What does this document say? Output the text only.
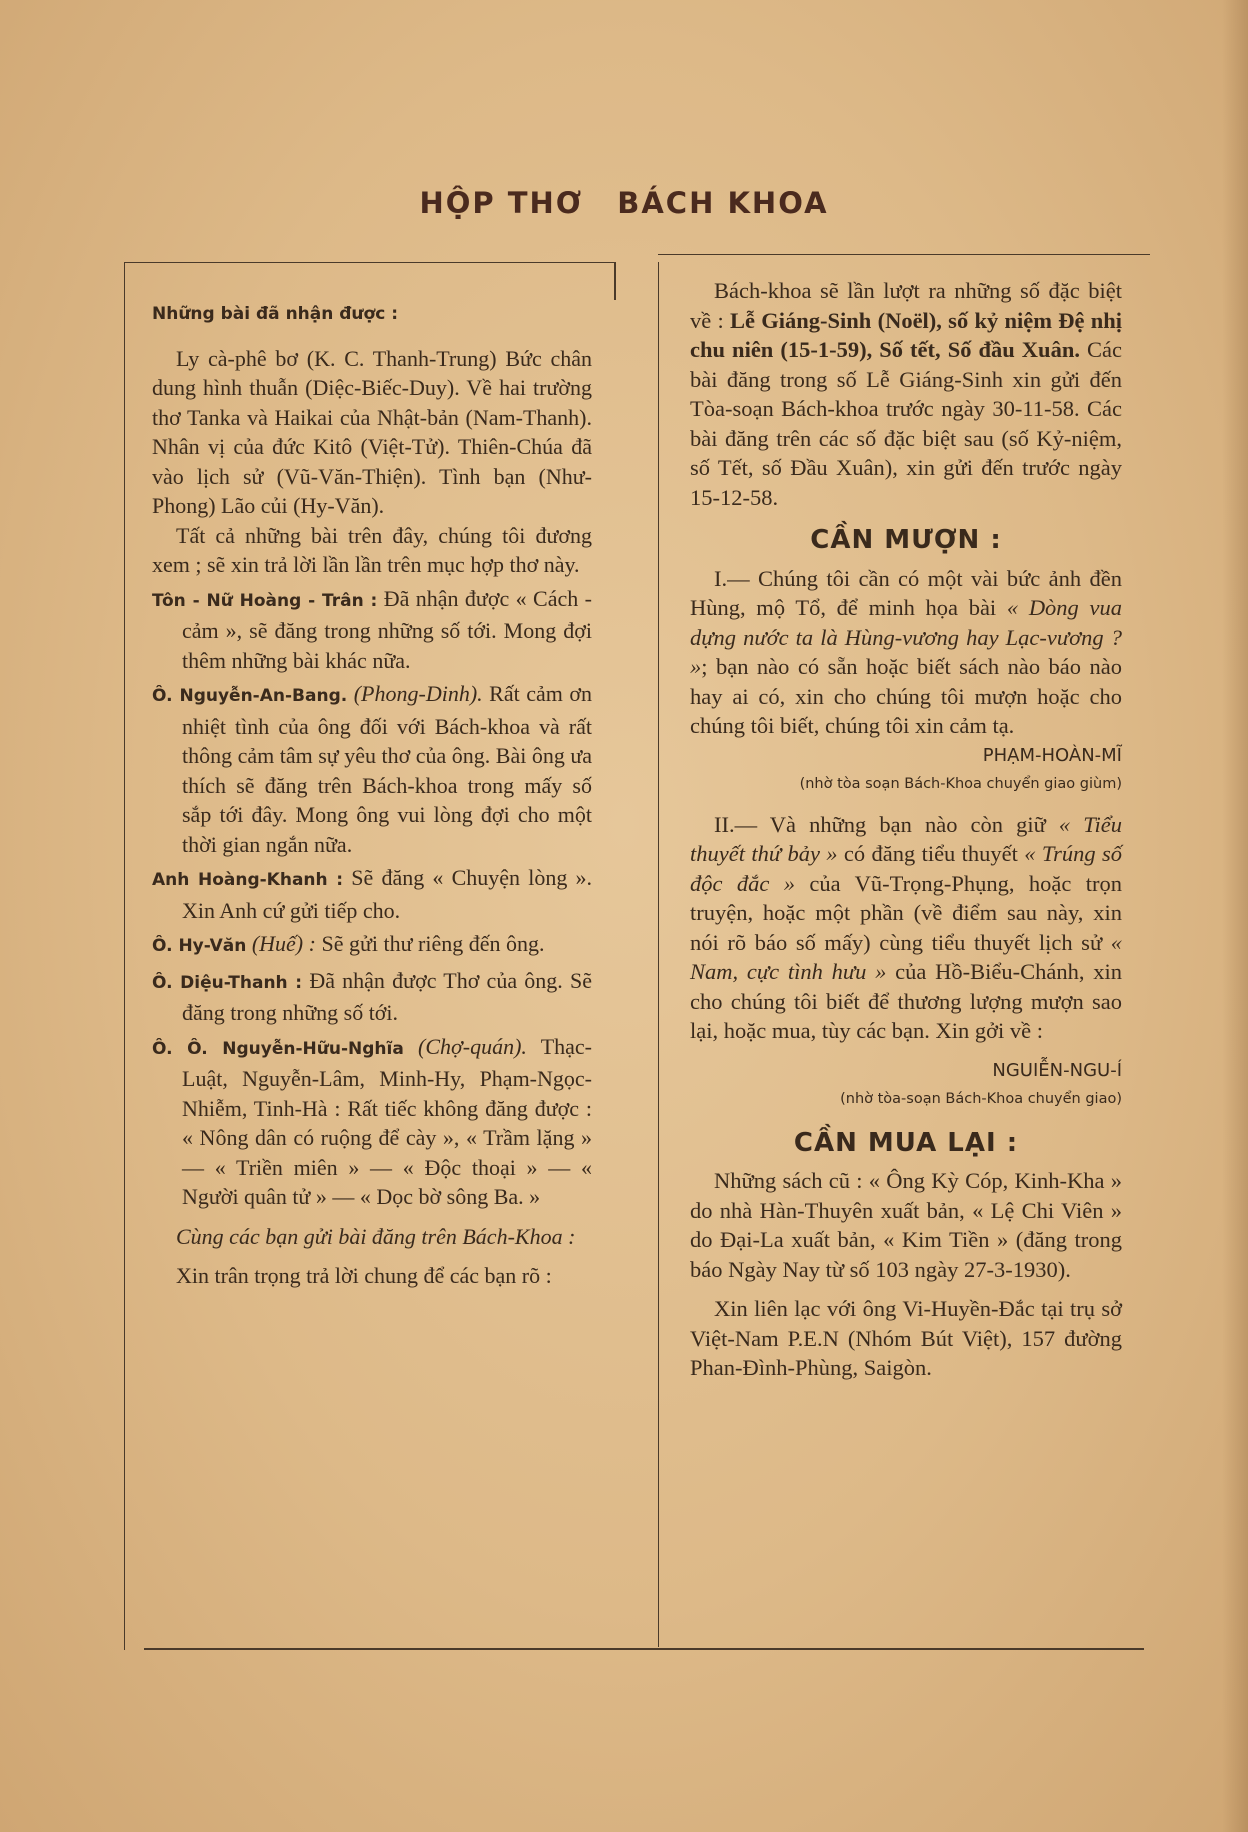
HỘP THƠ BÁCH KHOA

Những bài đã nhận được :

Ly cà-phê bơ (K. C. Thanh-Trung) Bức chân dung hình thuẫn (Diệc-Biếc-Duy). Về hai trường thơ Tanka và Haikai của Nhật-bản (Nam-Thanh). Nhân vị của đức Kitô (Việt-Tử). Thiên-Chúa đã vào lịch sử (Vũ-Văn-Thiện). Tình bạn (Như-Phong) Lão củi (Hy-Văn).

Tất cả những bài trên đây, chúng tôi đương xem ; sẽ xin trả lời lần lần trên mục hợp thơ này.

Tôn - Nữ Hoàng - Trân : Đã nhận được « Cách - cảm », sẽ đăng trong những số tới. Mong đợi thêm những bài khác nữa.

Ô. Nguyễn-An-Bang. (Phong-Dinh). Rất cảm ơn nhiệt tình của ông đối với Bách-khoa và rất thông cảm tâm sự yêu thơ của ông. Bài ông ưa thích sẽ đăng trên Bách-khoa trong mấy số sắp tới đây. Mong ông vui lòng đợi cho một thời gian ngắn nữa.

Anh Hoàng-Khanh : Sẽ đăng « Chuyện lòng ». Xin Anh cứ gửi tiếp cho.

Ô. Hy-Văn (Huế) : Sẽ gửi thư riêng đến ông.

Ô. Diệu-Thanh : Đã nhận được Thơ của ông. Sẽ đăng trong những số tới.

Ô. Ô. Nguyễn-Hữu-Nghĩa (Chợ-quán). Thạc-Luật, Nguyễn-Lâm, Minh-Hy, Phạm-Ngọc-Nhiễm, Tinh-Hà : Rất tiếc không đăng được : « Nông dân có ruộng để cày », « Trầm lặng » — « Triền miên » — « Độc thoại » — « Người quân tử » — « Dọc bờ sông Ba. »

Cùng các bạn gửi bài đăng trên Bách-Khoa :

Xin trân trọng trả lời chung để các bạn rõ :

Bách-khoa sẽ lần lượt ra những số đặc biệt về : Lễ Giáng-Sinh (Noël), số kỷ niệm Đệ nhị chu niên (15-1-59), Số tết, Số đầu Xuân. Các bài đăng trong số Lễ Giáng-Sinh xin gửi đến Tòa-soạn Bách-khoa trước ngày 30-11-58. Các bài đăng trên các số đặc biệt sau (số Kỷ-niệm, số Tết, số Đầu Xuân), xin gửi đến trước ngày 15-12-58.

CẦN MƯỢN :

I.— Chúng tôi cần có một vài bức ảnh đền Hùng, mộ Tổ, để minh họa bài « Dòng vua dựng nước ta là Hùng-vương hay Lạc-vương ? »; bạn nào có sẵn hoặc biết sách nào báo nào hay ai có, xin cho chúng tôi mượn hoặc cho chúng tôi biết, chúng tôi xin cảm tạ.

PHẠM-HOÀN-MĨ

(nhờ tòa soạn Bách-Khoa chuyển giao giùm)

II.— Và những bạn nào còn giữ « Tiểu thuyết thứ bảy » có đăng tiểu thuyết « Trúng số độc đắc » của Vũ-Trọng-Phụng, hoặc trọn truyện, hoặc một phần (về điểm sau này, xin nói rõ báo số mấy) cùng tiểu thuyết lịch sử « Nam, cực tình hưu » của Hồ-Biểu-Chánh, xin cho chúng tôi biết để thương lượng mượn sao lại, hoặc mua, tùy các bạn. Xin gởi về :

NGUIỄN-NGU-Í

(nhờ tòa-soạn Bách-Khoa chuyển giao)

CẦN MUA LẠI :

Những sách cũ : « Ông Kỳ Cóp, Kinh-Kha » do nhà Hàn-Thuyên xuất bản, « Lệ Chi Viên » do Đại-La xuất bản, « Kim Tiền » (đăng trong báo Ngày Nay từ số 103 ngày 27-3-1930).

Xin liên lạc với ông Vi-Huyền-Đắc tại trụ sở Việt-Nam P.E.N (Nhóm Bút Việt), 157 đường Phan-Đình-Phùng, Saigòn.
